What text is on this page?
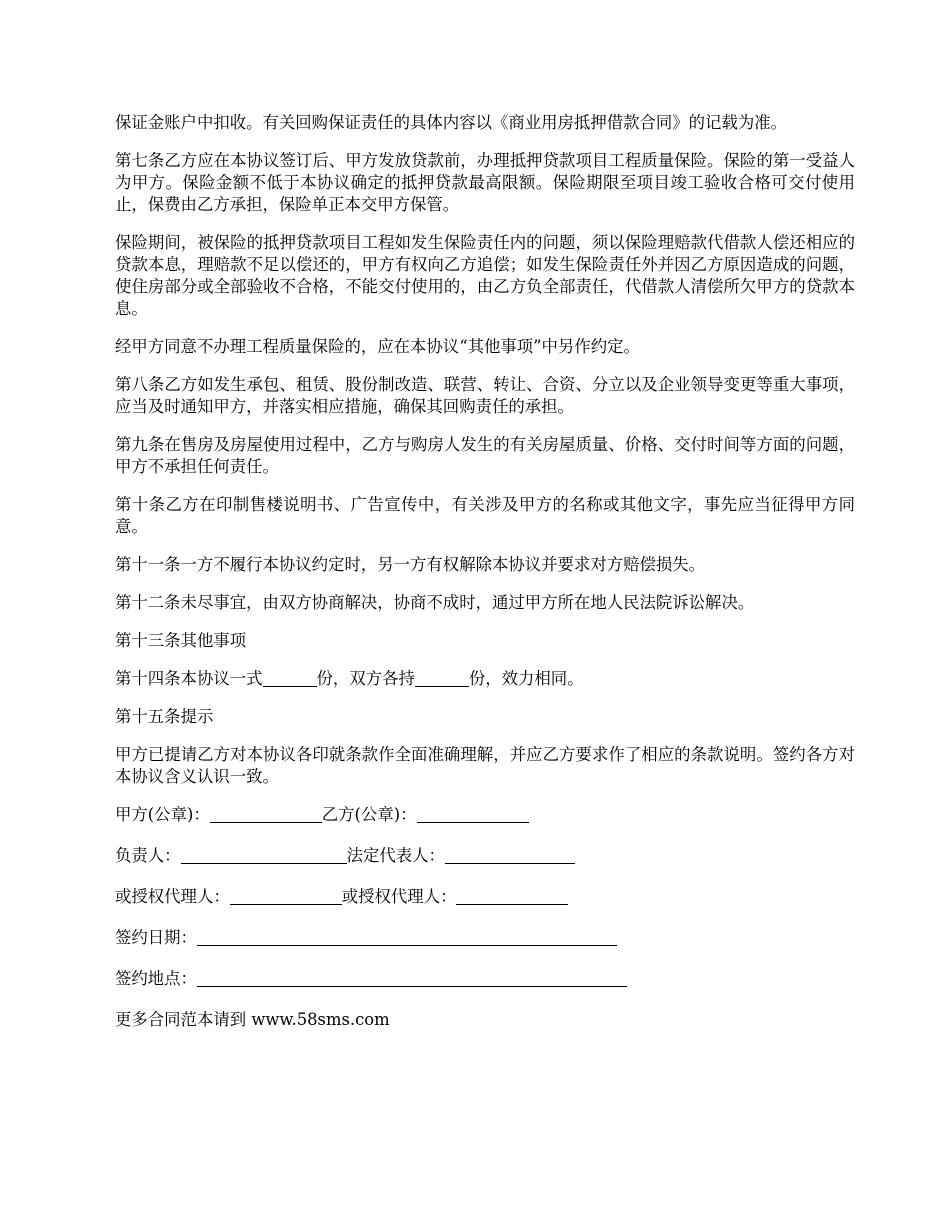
保证金账户中扣收。有关回购保证责任的具体内容以《商业用房抵押借款合同》的记载为准。

第七条乙方应在本协议签订后、甲方发放贷款前，办理抵押贷款项目工程质量保险。保险的第一受益人为甲方。保险金额不低于本协议确定的抵押贷款最高限额。保险期限至项目竣工验收合格可交付使用止，保费由乙方承担，保险单正本交甲方保管。

保险期间，被保险的抵押贷款项目工程如发生保险责任内的问题，须以保险理赔款代借款人偿还相应的贷款本息，理赔款不足以偿还的，甲方有权向乙方追偿；如发生保险责任外并因乙方原因造成的问题，使住房部分或全部验收不合格，不能交付使用的，由乙方负全部责任，代借款人清偿所欠甲方的贷款本息。

经甲方同意不办理工程质量保险的，应在本协议“其他事项”中另作约定。

第八条乙方如发生承包、租赁、股份制改造、联营、转让、合资、分立以及企业领导变更等重大事项，应当及时通知甲方，并落实相应措施，确保其回购责任的承担。

第九条在售房及房屋使用过程中，乙方与购房人发生的有关房屋质量、价格、交付时间等方面的问题，甲方不承担任何责任。

第十条乙方在印制售楼说明书、广告宣传中，有关涉及甲方的名称或其他文字，事先应当征得甲方同意。

第十一条一方不履行本协议约定时，另一方有权解除本协议并要求对方赔偿损失。

第十二条未尽事宜，由双方协商解决，协商不成时，通过甲方所在地人民法院诉讼解决。

第十三条其他事项

第十四条本协议一式	份，双方各持	份，效力相同。

第十五条提示

甲方已提请乙方对本协议各印就条款作全面准确理解，并应乙方要求作了相应的条款说明。签约各方对本协议含义认识一致。

甲方(公章)：	乙方(公章)：
负责人：	法定代表人：
或授权代理人：	或授权代理人：
签约日期：
签约地点：

更多合同范本请到 www.58sms.com
